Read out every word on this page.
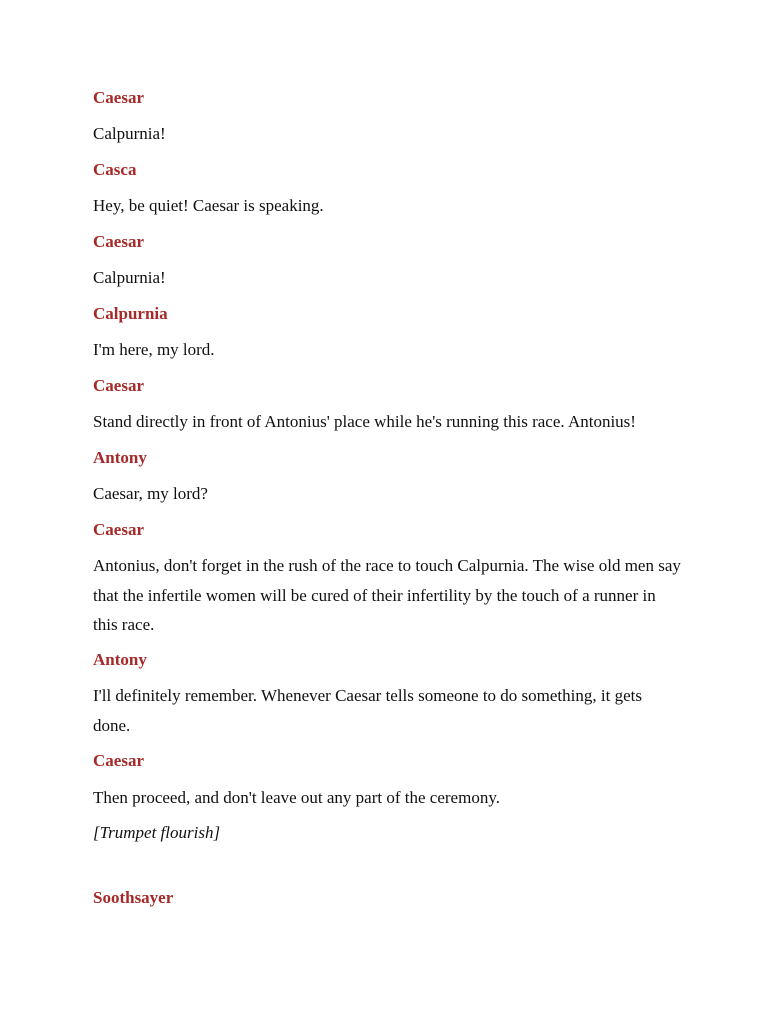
Caesar
Calpurnia!
Casca
Hey, be quiet! Caesar is speaking.
Caesar
Calpurnia!
Calpurnia
I'm here, my lord.
Caesar
Stand directly in front of Antonius' place while he's running this race. Antonius!
Antony
Caesar, my lord?
Caesar
Antonius, don't forget in the rush of the race to touch Calpurnia. The wise old men say that the infertile women will be cured of their infertility by the touch of a runner in this race.
Antony
I'll definitely remember. Whenever Caesar tells someone to do something, it gets done.
Caesar
Then proceed, and don't leave out any part of the ceremony.
[Trumpet flourish]
Soothsayer
